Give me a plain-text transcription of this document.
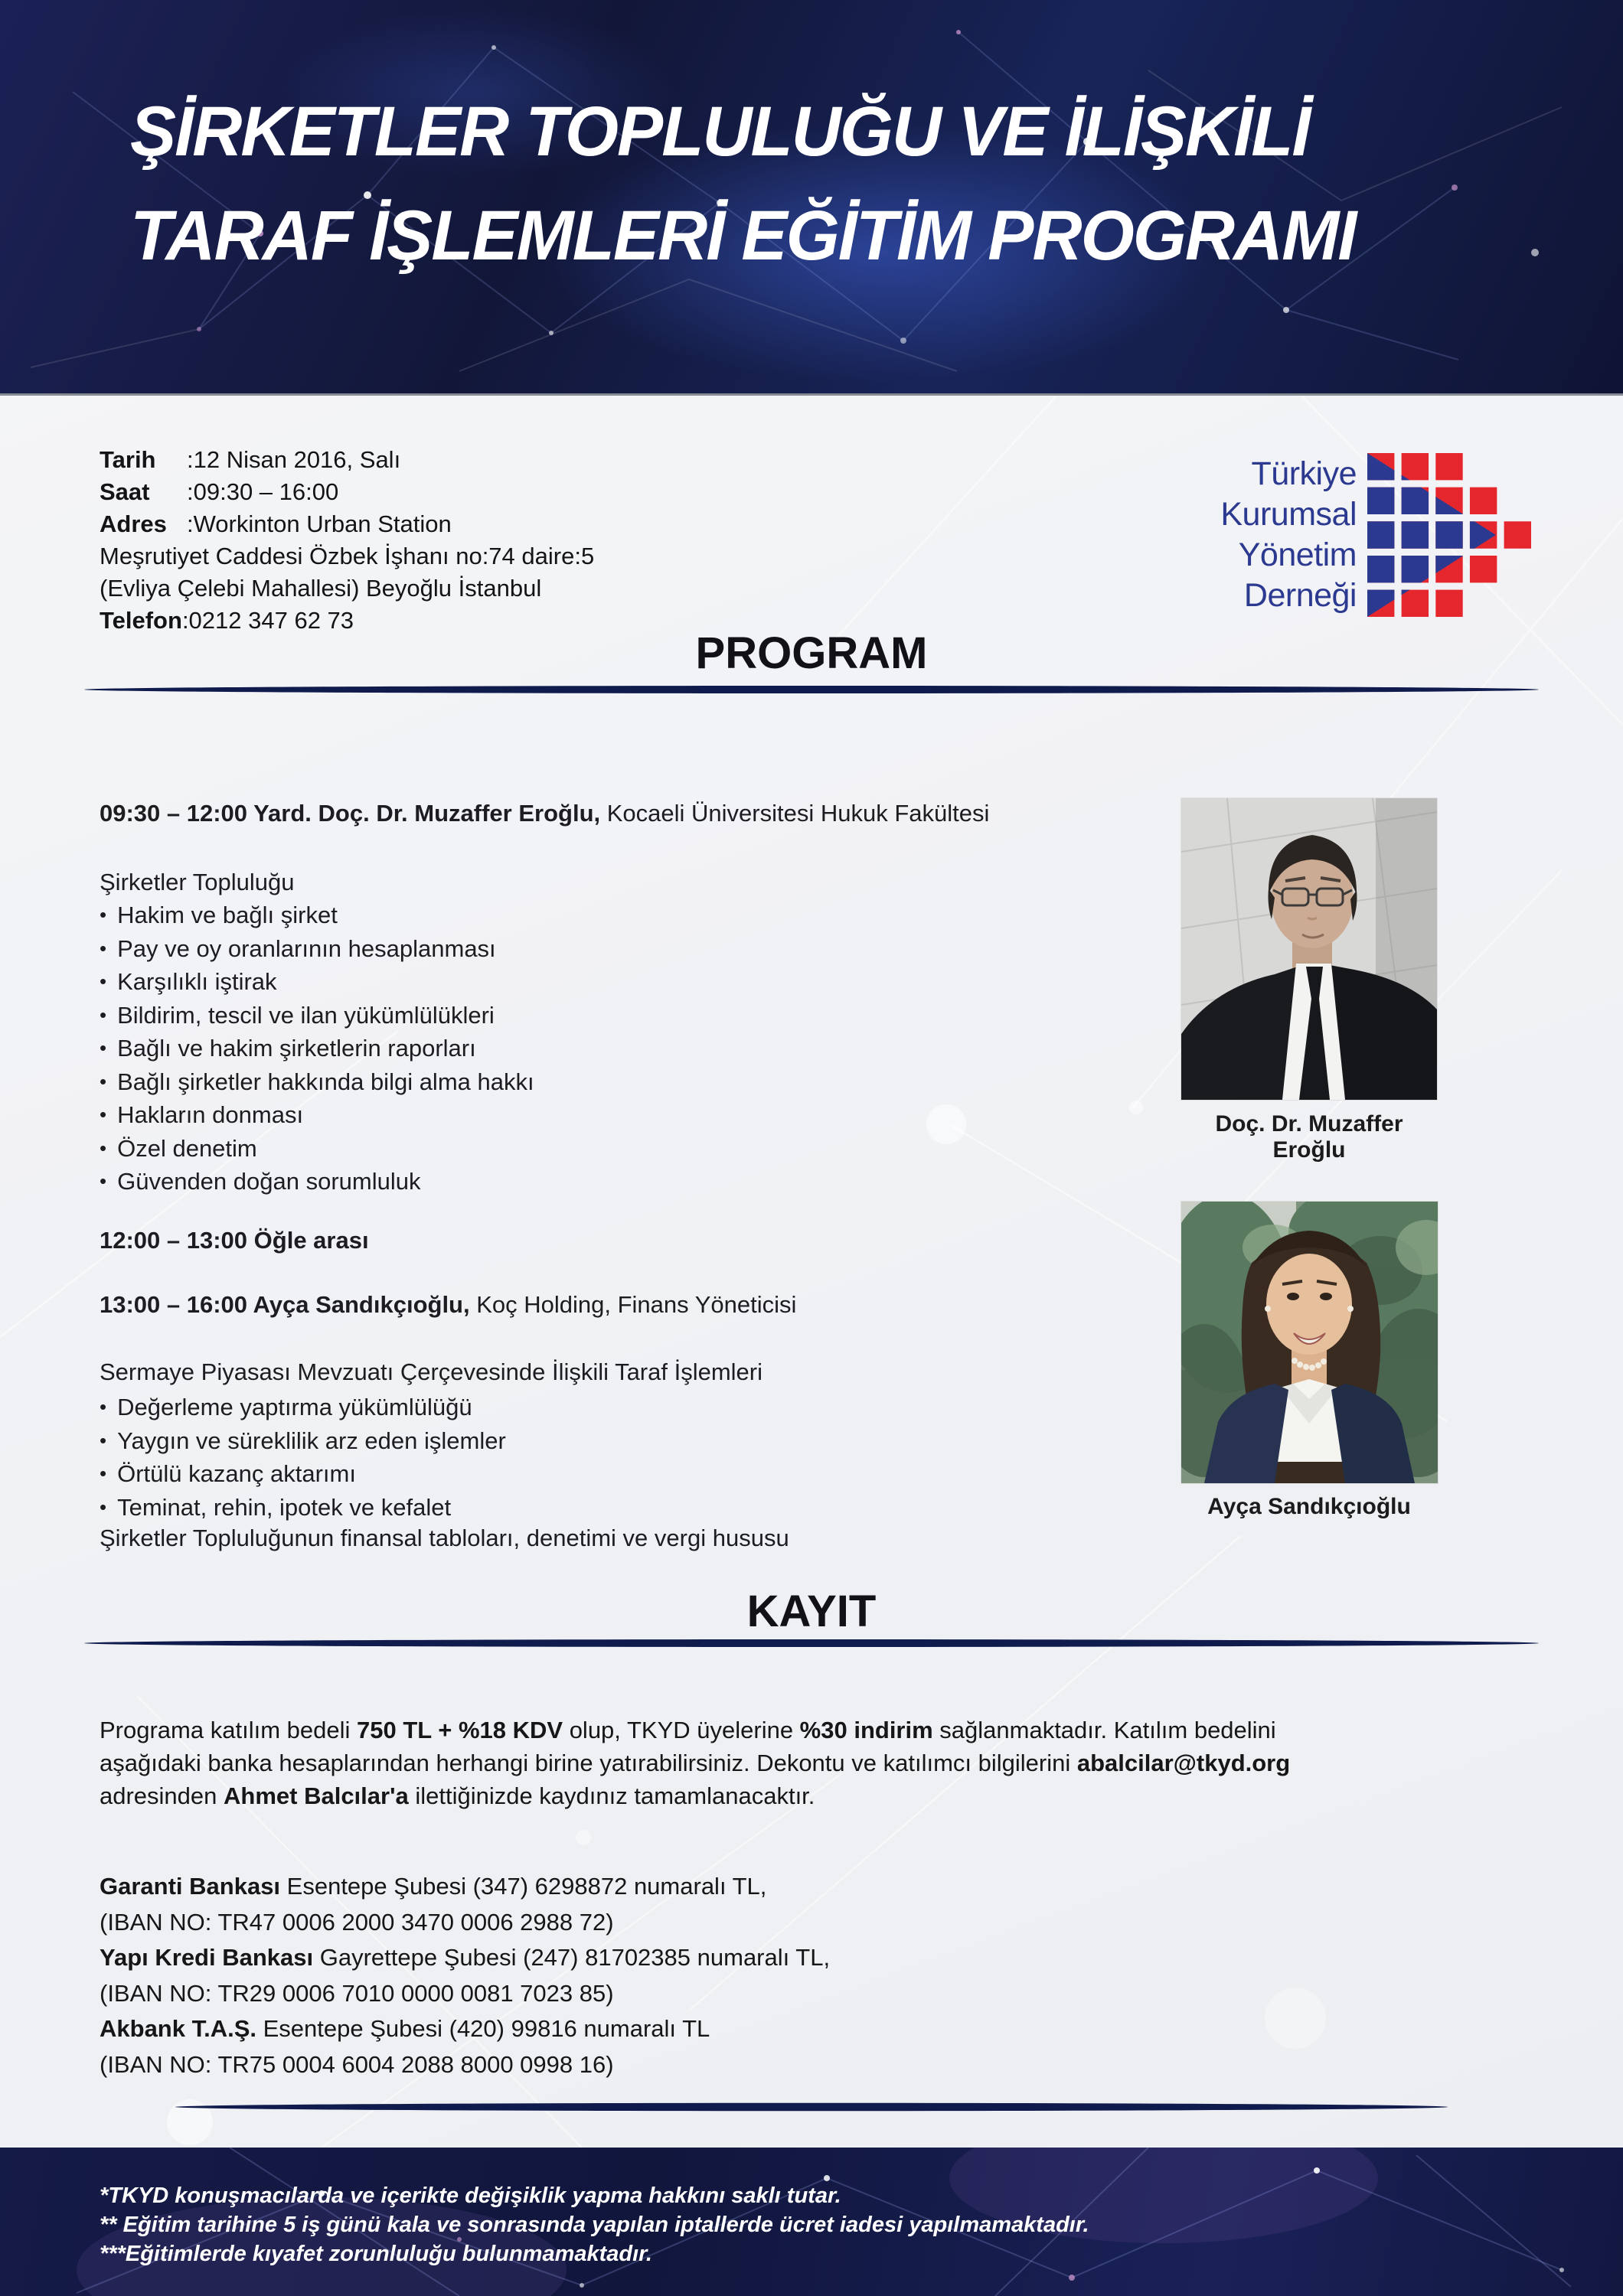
ŞİRKETLER TOPLULUĞU VE İLİŞKİLİ
TARAF İŞLEMLERİ EĞİTİM PROGRAMI
Tarih :12 Nisan 2016, Salı
Saat :09:30 – 16:00
Adres :Workinton Urban Station
Meşrutiyet Caddesi Özbek İşhanı no:74 daire:5
(Evliya Çelebi Mahallesi) Beyoğlu İstanbul
Telefon:0212 347 62 73
Türkiye
Kurumsal
Yönetim
Derneği
PROGRAM
09:30 – 12:00 Yard. Doç. Dr. Muzaffer Eroğlu, Kocaeli Üniversitesi Hukuk Fakültesi
Şirketler Topluluğu
• Hakim ve bağlı şirket
• Pay ve oy oranlarının hesaplanması
• Karşılıklı iştirak
• Bildirim, tescil ve ilan yükümlülükleri
• Bağlı ve hakim şirketlerin raporları
• Bağlı şirketler hakkında bilgi alma hakkı
• Hakların donması
• Özel denetim
• Güvenden doğan sorumluluk
12:00 – 13:00 Öğle arası
13:00 – 16:00 Ayça Sandıkçıoğlu, Koç Holding, Finans Yöneticisi
Sermaye Piyasası Mevzuatı Çerçevesinde İlişkili Taraf İşlemleri
• Değerleme yaptırma yükümlülüğü
• Yaygın ve süreklilik arz eden işlemler
• Örtülü kazanç aktarımı
• Teminat, rehin, ipotek ve kefalet
Şirketler Topluluğunun finansal tabloları, denetimi ve vergi hususu
Doç. Dr. Muzaffer Eroğlu
Ayça Sandıkçıoğlu
KAYIT
Programa katılım bedeli 750 TL + %18 KDV olup, TKYD üyelerine %30 indirim sağlanmaktadır. Katılım bedelini
aşağıdaki banka hesaplarından herhangi birine yatırabilirsiniz. Dekontu ve katılımcı bilgilerini abalcilar@tkyd.org
adresinden Ahmet Balcılar'a ilettiğinizde kaydınız tamamlanacaktır.
Garanti Bankası Esentepe Şubesi (347) 6298872 numaralı TL,
(IBAN NO: TR47 0006 2000 3470 0006 2988 72)
Yapı Kredi Bankası Gayrettepe Şubesi (247) 81702385 numaralı TL,
(IBAN NO: TR29 0006 7010 0000 0081 7023 85)
Akbank T.A.Ş. Esentepe Şubesi (420) 99816 numaralı TL
(IBAN NO: TR75 0004 6004 2088 8000 0998 16)
*TKYD konuşmacılarda ve içerikte değişiklik yapma hakkını saklı tutar.
** Eğitim tarihine 5 iş günü kala ve sonrasında yapılan iptallerde ücret iadesi yapılmamaktadır.
***Eğitimlerde kıyafet zorunluluğu bulunmamaktadır.
